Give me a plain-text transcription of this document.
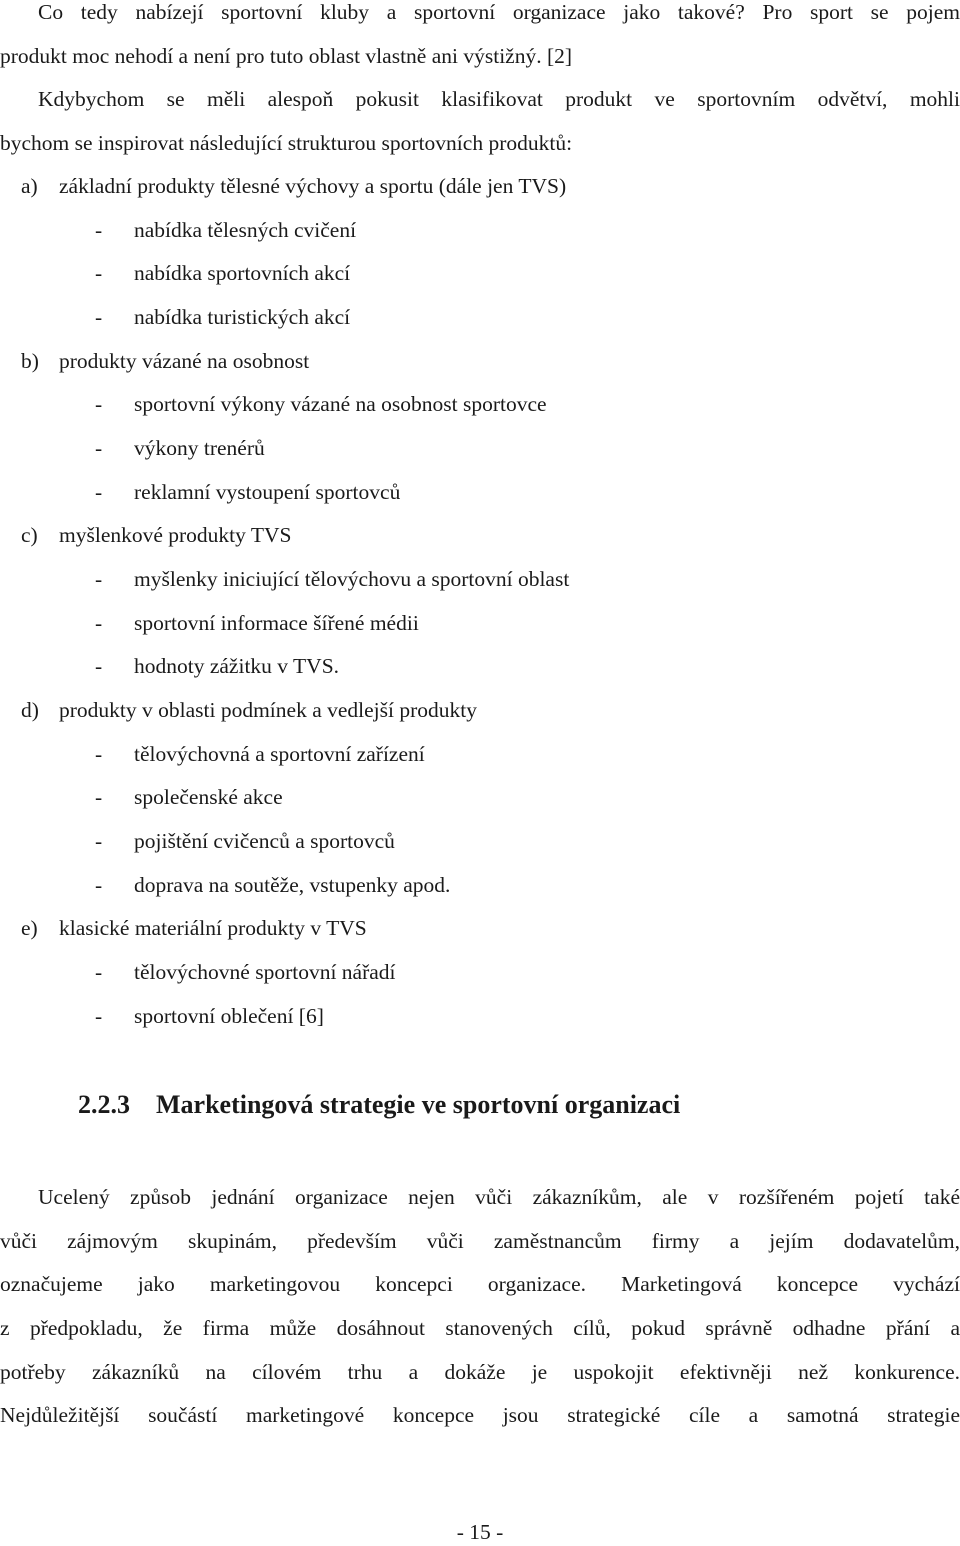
Co tedy nabízejí sportovní kluby a sportovní organizace jako takové? Pro sport se pojem
produkt moc nehodí a není pro tuto oblast vlastně ani výstižný. [2]
Kdybychom se měli alespoň pokusit klasifikovat produkt ve sportovním odvětví, mohli
bychom se inspirovat následující strukturou sportovních produktů:
a) základní produkty tělesné výchovy a sportu (dále jen TVS)
- nabídka tělesných cvičení
- nabídka sportovních akcí
- nabídka turistických akcí
b) produkty vázané na osobnost
- sportovní výkony vázané na osobnost sportovce
- výkony trenérů
- reklamní vystoupení sportovců
c) myšlenkové produkty TVS
- myšlenky iniciující tělovýchovu a sportovní oblast
- sportovní informace šířené médii
- hodnoty zážitku v TVS.
d) produkty v oblasti podmínek a vedlejší produkty
- tělovýchovná a sportovní zařízení
- společenské akce
- pojištění cvičenců a sportovců
- doprava na soutěže, vstupenky apod.
e) klasické materiální produkty v TVS
- tělovýchovné sportovní nářadí
- sportovní oblečení [6]
2.2.3 Marketingová strategie ve sportovní organizaci
Ucelený způsob jednání organizace nejen vůči zákazníkům, ale v rozšířeném pojetí také
vůči zájmovým skupinám, především vůči zaměstnancům firmy a jejím dodavatelům,
označujeme jako marketingovou koncepci organizace. Marketingová koncepce vychází
z předpokladu, že firma může dosáhnout stanovených cílů, pokud správně odhadne přání a
potřeby zákazníků na cílovém trhu a dokáže je uspokojit efektivněji než konkurence.
Nejdůležitější součástí marketingové koncepce jsou strategické cíle a samotná strategie
- 15 -
